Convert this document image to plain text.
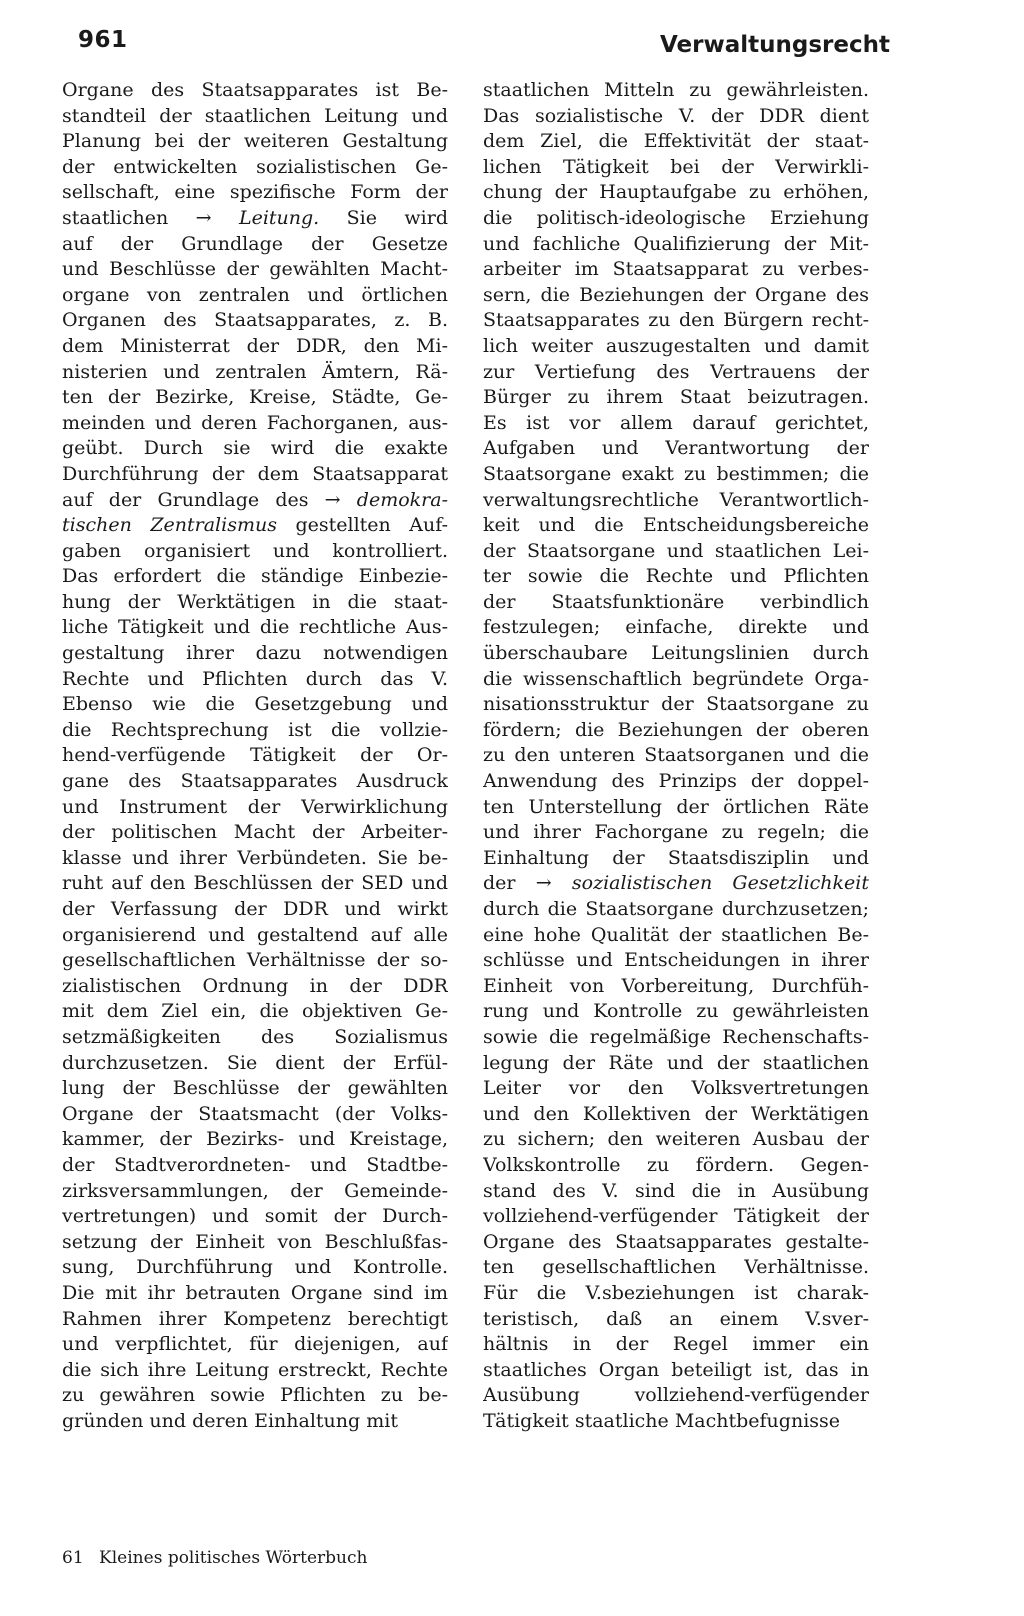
961	Verwaltungsrecht
Organe des Staatsapparates ist Be-
standteil der staatlichen Leitung und
Planung bei der weiteren Gestaltung
der entwickelten sozialistischen Ge-
sellschaft, eine spezifische Form der
staatlichen → Leitung. Sie wird
auf der Grundlage der Gesetze
und Beschlüsse der gewählten Macht-
organe von zentralen und örtlichen
Organen des Staatsapparates, z. B.
dem Ministerrat der DDR, den Mi-
nisterien und zentralen Ämtern, Rä-
ten der Bezirke, Kreise, Städte, Ge-
meinden und deren Fachorganen, aus-
geübt. Durch sie wird die exakte
Durchführung der dem Staatsapparat
auf der Grundlage des → demokra-
tischen Zentralismus gestellten Auf-
gaben organisiert und kontrolliert.
Das erfordert die ständige Einbezie-
hung der Werktätigen in die staat-
liche Tätigkeit und die rechtliche Aus-
gestaltung ihrer dazu notwendigen
Rechte und Pflichten durch das V.
Ebenso wie die Gesetzgebung und
die Rechtsprechung ist die vollzie-
hend-verfügende Tätigkeit der Or-
gane des Staatsapparates Ausdruck
und Instrument der Verwirklichung
der politischen Macht der Arbeiter-
klasse und ihrer Verbündeten. Sie be-
ruht auf den Beschlüssen der SED und
der Verfassung der DDR und wirkt
organisierend und gestaltend auf alle
gesellschaftlichen Verhältnisse der so-
zialistischen Ordnung in der DDR
mit dem Ziel ein, die objektiven Ge-
setzmäßigkeiten des Sozialismus
durchzusetzen. Sie dient der Erfül-
lung der Beschlüsse der gewählten
Organe der Staatsmacht (der Volks-
kammer, der Bezirks- und Kreistage,
der Stadtverordneten- und Stadtbe-
zirksversammlungen, der Gemeinde-
vertretungen) und somit der Durch-
setzung der Einheit von Beschlußfas-
sung, Durchführung und Kontrolle.
Die mit ihr betrauten Organe sind im
Rahmen ihrer Kompetenz berechtigt
und verpflichtet, für diejenigen, auf
die sich ihre Leitung erstreckt, Rechte
zu gewähren sowie Pflichten zu be-
gründen und deren Einhaltung mit
staatlichen Mitteln zu gewährleisten.
Das sozialistische V. der DDR dient
dem Ziel, die Effektivität der staat-
lichen Tätigkeit bei der Verwirkli-
chung der Hauptaufgabe zu erhöhen,
die politisch-ideologische Erziehung
und fachliche Qualifizierung der Mit-
arbeiter im Staatsapparat zu verbes-
sern, die Beziehungen der Organe des
Staatsapparates zu den Bürgern recht-
lich weiter auszugestalten und damit
zur Vertiefung des Vertrauens der
Bürger zu ihrem Staat beizutragen.
Es ist vor allem darauf gerichtet,
Aufgaben und Verantwortung der
Staatsorgane exakt zu bestimmen; die
verwaltungsrechtliche Verantwortlich-
keit und die Entscheidungsbereiche
der Staatsorgane und staatlichen Lei-
ter sowie die Rechte und Pflichten
der Staatsfunktionäre verbindlich
festzulegen; einfache, direkte und
überschaubare Leitungslinien durch
die wissenschaftlich begründete Orga-
nisationsstruktur der Staatsorgane zu
fördern; die Beziehungen der oberen
zu den unteren Staatsorganen und die
Anwendung des Prinzips der doppel-
ten Unterstellung der örtlichen Räte
und ihrer Fachorgane zu regeln; die
Einhaltung der Staatsdisziplin und
der → sozialistischen Gesetzlichkeit
durch die Staatsorgane durchzusetzen;
eine hohe Qualität der staatlichen Be-
schlüsse und Entscheidungen in ihrer
Einheit von Vorbereitung, Durchfüh-
rung und Kontrolle zu gewährleisten
sowie die regelmäßige Rechenschafts-
legung der Räte und der staatlichen
Leiter vor den Volksvertretungen
und den Kollektiven der Werktätigen
zu sichern; den weiteren Ausbau der
Volkskontrolle zu fördern. Gegen-
stand des V. sind die in Ausübung
vollziehend-verfügender Tätigkeit der
Organe des Staatsapparates gestalte-
ten gesellschaftlichen Verhältnisse.
Für die V.sbeziehungen ist charak-
teristisch, daß an einem V.sver-
hältnis in der Regel immer ein
staatliches Organ beteiligt ist, das in
Ausübung vollziehend-verfügender
Tätigkeit staatliche Machtbefugnisse
61 Kleines politisches Wörterbuch
